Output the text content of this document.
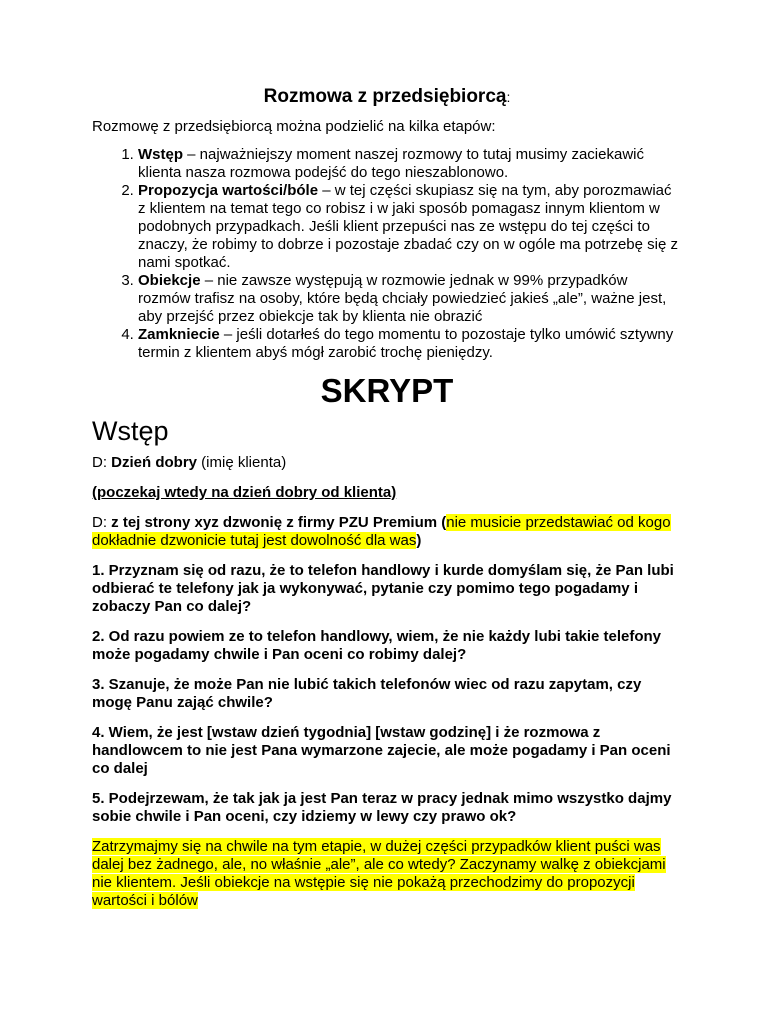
Rozmowa z przedsiębiorcą:

Rozmowę z przedsiębiorcą można podzielić na kilka etapów:

1. Wstęp – najważniejszy moment naszej rozmowy to tutaj musimy zaciekawić klienta nasza rozmowa podejść do tego nieszablonowo.
2. Propozycja wartości/bóle – w tej części skupiasz się na tym, aby porozmawiać z klientem na temat tego co robisz i w jaki sposób pomagasz innym klientom w podobnych przypadkach. Jeśli klient przepuści nas ze wstępu do tej części to znaczy, że robimy to dobrze i pozostaje zbadać czy on w ogóle ma potrzebę się z nami spotkać.
3. Obiekcje – nie zawsze występują w rozmowie jednak w 99% przypadków rozmów trafisz na osoby, które będą chciały powiedzieć jakieś „ale”, ważne jest, aby przejść przez obiekcje tak by klienta nie obrazić
4. Zamkniecie – jeśli dotarłeś do tego momentu to pozostaje tylko umówić sztywny termin z klientem abyś mógł zarobić trochę pieniędzy.
SKRYPT
Wstęp

D: Dzień dobry (imię klienta)

(poczekaj wtedy na dzień dobry od klienta)

D: z tej strony xyz dzwonię z firmy PZU Premium (nie musicie przedstawiać od kogo dokładnie dzwonicie tutaj jest dowolność dla was)

1. Przyznam się od razu, że to telefon handlowy i kurde domyślam się, że Pan lubi odbierać te telefony jak ja wykonywać, pytanie czy pomimo tego pogadamy i zobaczy Pan co dalej?

2. Od razu powiem ze to telefon handlowy, wiem, że nie każdy lubi takie telefony może pogadamy chwile i Pan oceni co robimy dalej?

3. Szanuje, że może Pan nie lubić takich telefonów wiec od razu zapytam, czy mogę Panu zająć chwile?

4. Wiem, że jest [wstaw dzień tygodnia] [wstaw godzinę] i że rozmowa z handlowcem to nie jest Pana wymarzone zajecie, ale może pogadamy i Pan oceni co dalej

5. Podejrzewam, że tak jak ja jest Pan teraz w pracy jednak mimo wszystko dajmy sobie chwile i Pan oceni, czy idziemy w lewy czy prawo ok?

Zatrzymajmy się na chwile na tym etapie, w dużej części przypadków klient puści was dalej bez żadnego, ale, no właśnie „ale”, ale co wtedy? Zaczynamy walkę z obiekcjami nie klientem. Jeśli obiekcje na wstępie się nie pokażą przechodzimy do propozycji wartości i bólów
